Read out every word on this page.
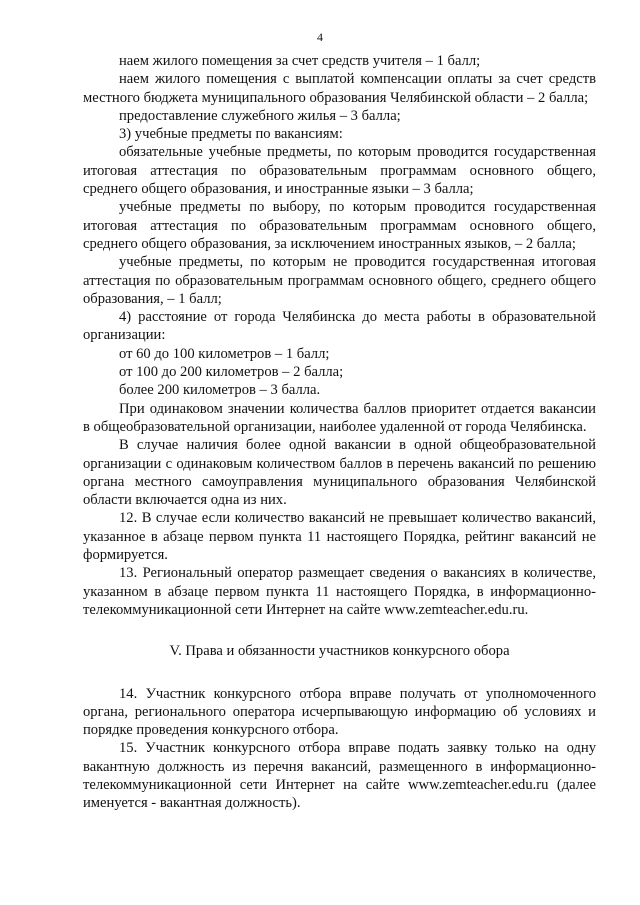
4

наем жилого помещения за счет средств учителя – 1 балл;

наем жилого помещения с выплатой компенсации оплаты за счет средств местного бюджета муниципального образования Челябинской области – 2 балла;

предоставление служебного жилья – 3 балла;

3) учебные предметы по вакансиям:

обязательные учебные предметы, по которым проводится государственная итоговая аттестация по образовательным программам основного общего, среднего общего образования, и иностранные языки – 3 балла;

учебные предметы по выбору, по которым проводится государственная итоговая аттестация по образовательным программам основного общего, среднего общего образования, за исключением иностранных языков, – 2 балла;

учебные предметы, по которым не проводится государственная итоговая аттестация по образовательным программам основного общего, среднего общего образования, – 1 балл;

4) расстояние от города Челябинска до места работы в образовательной организации:

от 60 до 100 километров – 1 балл;

от 100 до 200 километров – 2 балла;

более 200 километров – 3 балла.

При одинаковом значении количества баллов приоритет отдается вакансии в общеобразовательной организации, наиболее удаленной от города Челябинска.

В случае наличия более одной вакансии в одной общеобразовательной организации с одинаковым количеством баллов в перечень вакансий по решению органа местного самоуправления муниципального образования Челябинской области включается одна из них.

12. В случае если количество вакансий не превышает количество вакансий, указанное в абзаце первом пункта 11 настоящего Порядка, рейтинг вакансий не формируется.

13. Региональный оператор размещает сведения о вакансиях в количестве, указанном в абзаце первом пункта 11 настоящего Порядка, в информационно-телекоммуникационной сети Интернет на сайте www.zemteacher.edu.ru.

V. Права и обязанности участников конкурсного обора

14. Участник конкурсного отбора вправе получать от уполномоченного органа, регионального оператора исчерпывающую информацию об условиях и порядке проведения конкурсного отбора.

15. Участник конкурсного отбора вправе подать заявку только на одну вакантную должность из перечня вакансий, размещенного в информационно-телекоммуникационной сети Интернет на сайте www.zemteacher.edu.ru (далее именуется - вакантная должность).
